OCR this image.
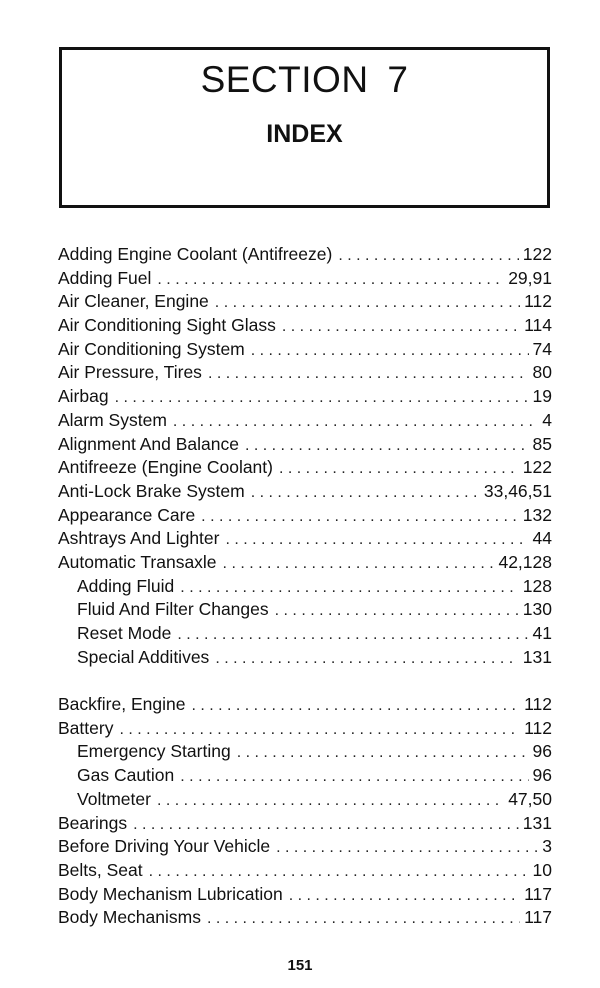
SECTION 7
INDEX
Adding Engine Coolant (Antifreeze) . . .	122
Adding Fuel . . .	29,91
Air Cleaner, Engine . . .	112
Air Conditioning Sight Glass . . .	114
Air Conditioning System . . .	74
Air Pressure, Tires . . .	80
Airbag . . .	19
Alarm System . . .	4
Alignment And Balance . . .	85
Antifreeze (Engine Coolant) . . .	122
Anti-Lock Brake System . . .	33,46,51
Appearance Care . . .	132
Ashtrays And Lighter . . .	44
Automatic Transaxle . . .	42,128
Adding Fluid . . .	128
Fluid And Filter Changes . . .	130
Reset Mode . . .	41
Special Additives . . .	131
Backfire, Engine . . .	112
Battery . . .	112
Emergency Starting . . .	96
Gas Caution . . .	96
Voltmeter . . .	47,50
Bearings . . .	131
Before Driving Your Vehicle . . .	3
Belts, Seat . . .	10
Body Mechanism Lubrication . . .	117
Body Mechanisms . . .	117
151
